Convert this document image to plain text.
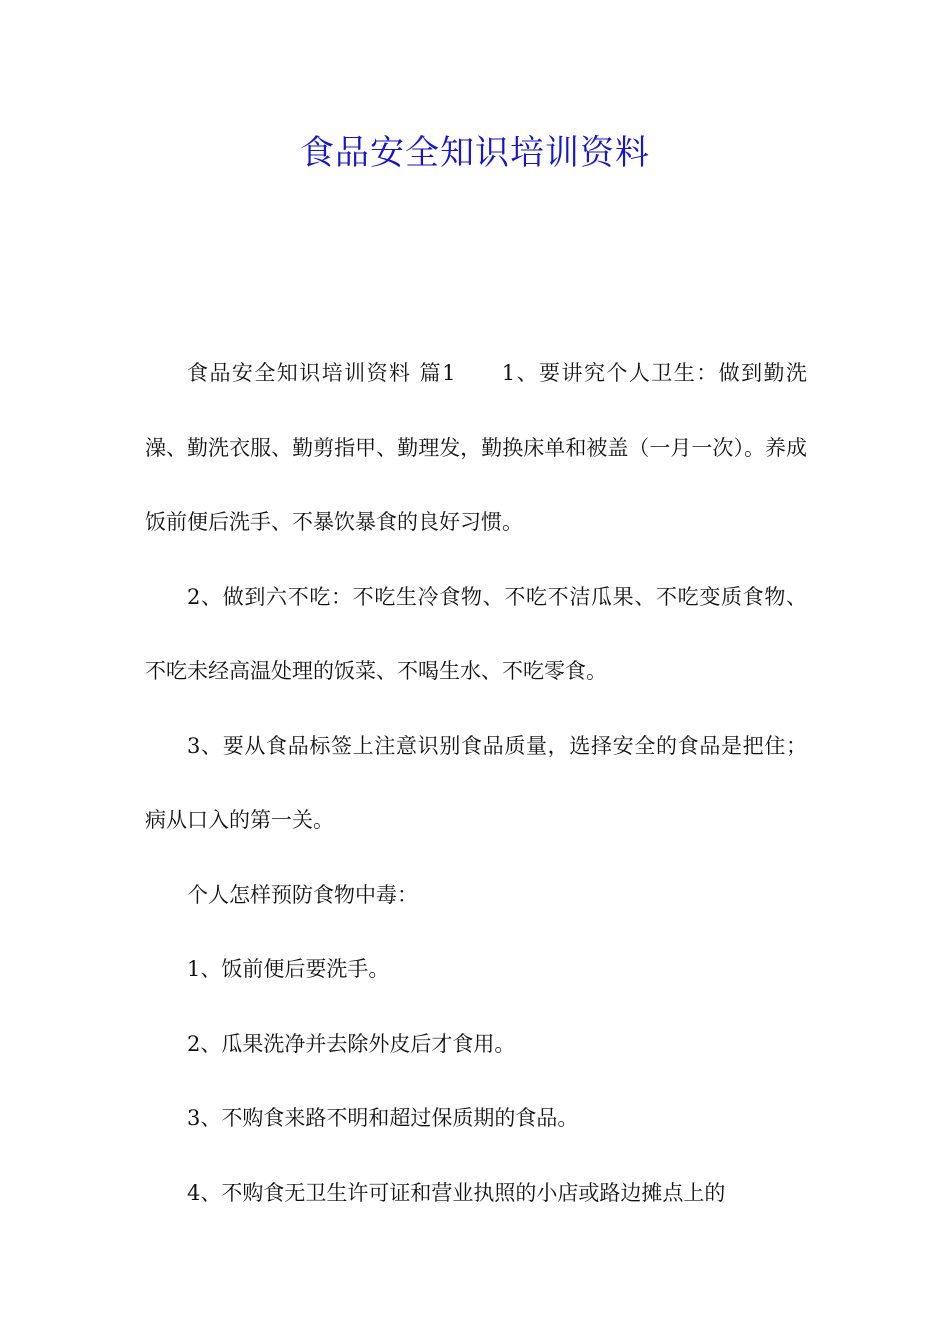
食品安全知识培训资料

食品安全知识培训资料 篇1　　1、要讲究个人卫生：做到勤洗澡、勤洗衣服、勤剪指甲、勤理发，勤换床单和被盖（一月一次）。养成饭前便后洗手、不暴饮暴食的良好习惯。

2、做到六不吃：不吃生冷食物、不吃不洁瓜果、不吃变质食物、不吃未经高温处理的饭菜、不喝生水、不吃零食。

3、要从食品标签上注意识别食品质量，选择安全的食品是把住；病从口入的第一关。

个人怎样预防食物中毒：

1、饭前便后要洗手。

2、瓜果洗净并去除外皮后才食用。

3、不购食来路不明和超过保质期的食品。

4、不购食无卫生许可证和营业执照的小店或路边摊点上的
